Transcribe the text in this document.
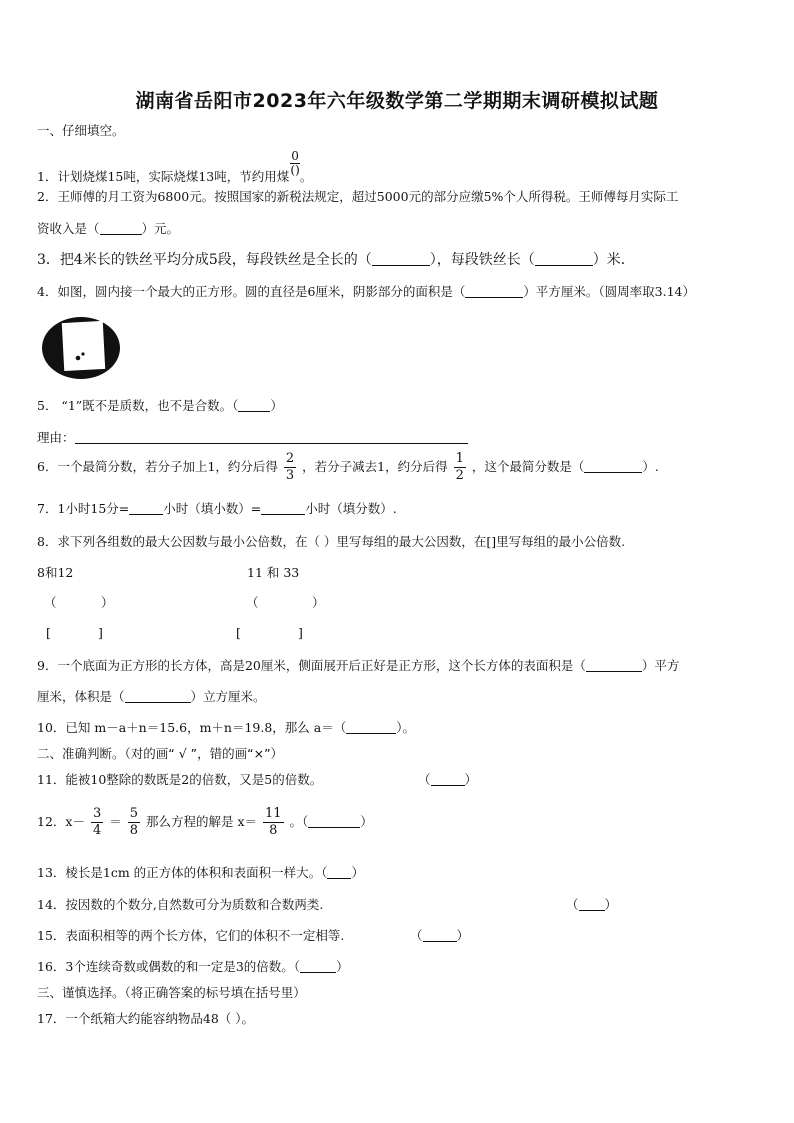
湖南省岳阳市2023年六年级数学第二学期期末调研模拟试题
一、仔细填空。
1．计划烧煤15吨，实际烧煤13吨，节约用煤
0
() 。
2．王师傅的月工资为6800元。按照国家的新税法规定，超过5000元的部分应缴5%个人所得税。王师傅每月实际工
资收入是（	）元。
3．把4米长的铁丝平均分成5段，每段铁丝是全长的（	），每段铁丝长（	）米．
4．如图，圆内接一个最大的正方形。圆的直径是6厘米，阴影部分的面积是（	）平方厘米。（圆周率取3.14）
5． “1”既不是质数，也不是合数。（	）
理由：
6．一个最简分数，若分子加上1，约分后得 $\frac{2}{3}$ ，若分子减去1，约分后得 $\frac{1}{2}$ ，这个最简分数是（	）.
7．1小时15分=	小时（填小数）=	小时（填分数）.
8．求下列各组数的最大公因数与最小公倍数，在（ ）里写每组的最大公因数，在[]里写每组的最小公倍数.
8和12	11 和 33
（	）	（	）
[	]	[	]
9．一个底面为正方形的长方体，高是20厘米，侧面展开后正好是正方形，这个长方体的表面积是（	）平方
厘米，体积是（	）立方厘米。
10．已知 m－a＋n＝15.6，m＋n＝19.8，那么 a＝（	）。
二、准确判断。（对的画“ √ ”，错的画“×”）
11．能被10整除的数既是2的倍数，又是5的倍数。	（	）
12．$x- \frac{3}{4} = \frac{5}{8}$ 那么方程的解是 $x= \frac{11}{8}$ 。（	）
13．棱长是1cm 的正方体的体积和表面积一样大。（ ）
14．按因数的个数分,自然数可分为质数和合数两类.	（ ）
15．表面积相等的两个长方体，它们的体积不一定相等.	（	）
16．3个连续奇数或偶数的和一定是3的倍数。（	）
三、谨慎选择。（将正确答案的标号填在括号里）
17．一个纸箱大约能容纳物品48（ ）。
